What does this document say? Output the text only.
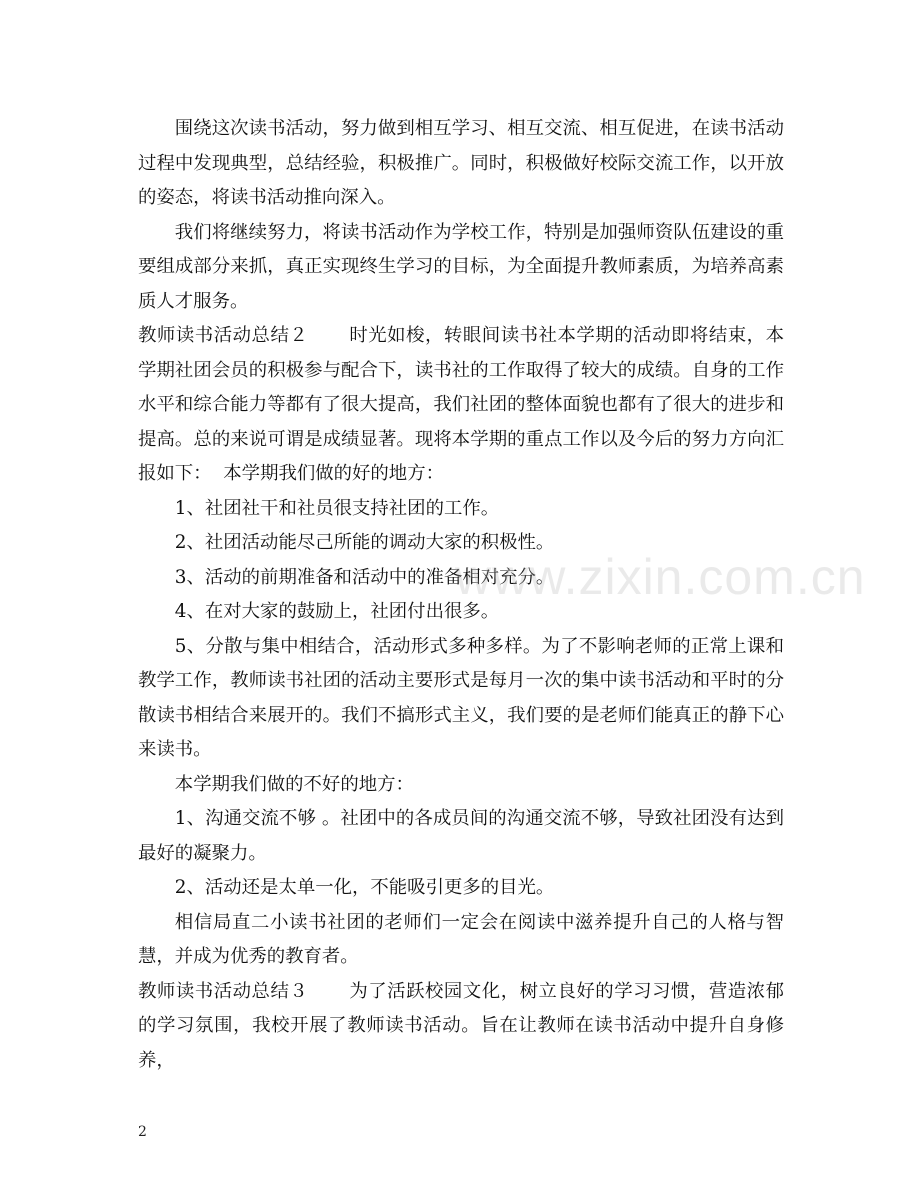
围绕这次读书活动，努力做到相互学习、相互交流、相互促进，在读书活动过程中发现典型，总结经验，积极推广。同时，积极做好校际交流工作，以开放的姿态，将读书活动推向深入。

我们将继续努力，将读书活动作为学校工作，特别是加强师资队伍建设的重要组成部分来抓，真正实现终生学习的目标，为全面提升教师素质，为培养高素质人才服务。

教师读书活动总结２ 时光如梭，转眼间读书社本学期的活动即将结束，本学期社团会员的积极参与配合下，读书社的工作取得了较大的成绩。自身的工作水平和综合能力等都有了很大提高，我们社团的整体面貌也都有了很大的进步和提高。总的来说可谓是成绩显著。现将本学期的重点工作以及今后的努力方向汇报如下： 本学期我们做的好的地方：

1、社团社干和社员很支持社团的工作。

2、社团活动能尽己所能的调动大家的积极性。

3、活动的前期准备和活动中的准备相对充分。

4、在对大家的鼓励上，社团付出很多。

5、分散与集中相结合，活动形式多种多样。为了不影响老师的正常上课和教学工作，教师读书社团的活动主要形式是每月一次的集中读书活动和平时的分散读书相结合来展开的。我们不搞形式主义，我们要的是老师们能真正的静下心来读书。

本学期我们做的不好的地方：

1、沟通交流不够 。社团中的各成员间的沟通交流不够，导致社团没有达到最好的凝聚力。

2、活动还是太单一化，不能吸引更多的目光。

相信局直二小读书社团的老师们一定会在阅读中滋养提升自己的人格与智慧，并成为优秀的教育者。

教师读书活动总结３ 为了活跃校园文化，树立良好的学习习惯，营造浓郁的学习氛围，我校开展了教师读书活动。旨在让教师在读书活动中提升自身修养，

www.zixin.com.cn
2
